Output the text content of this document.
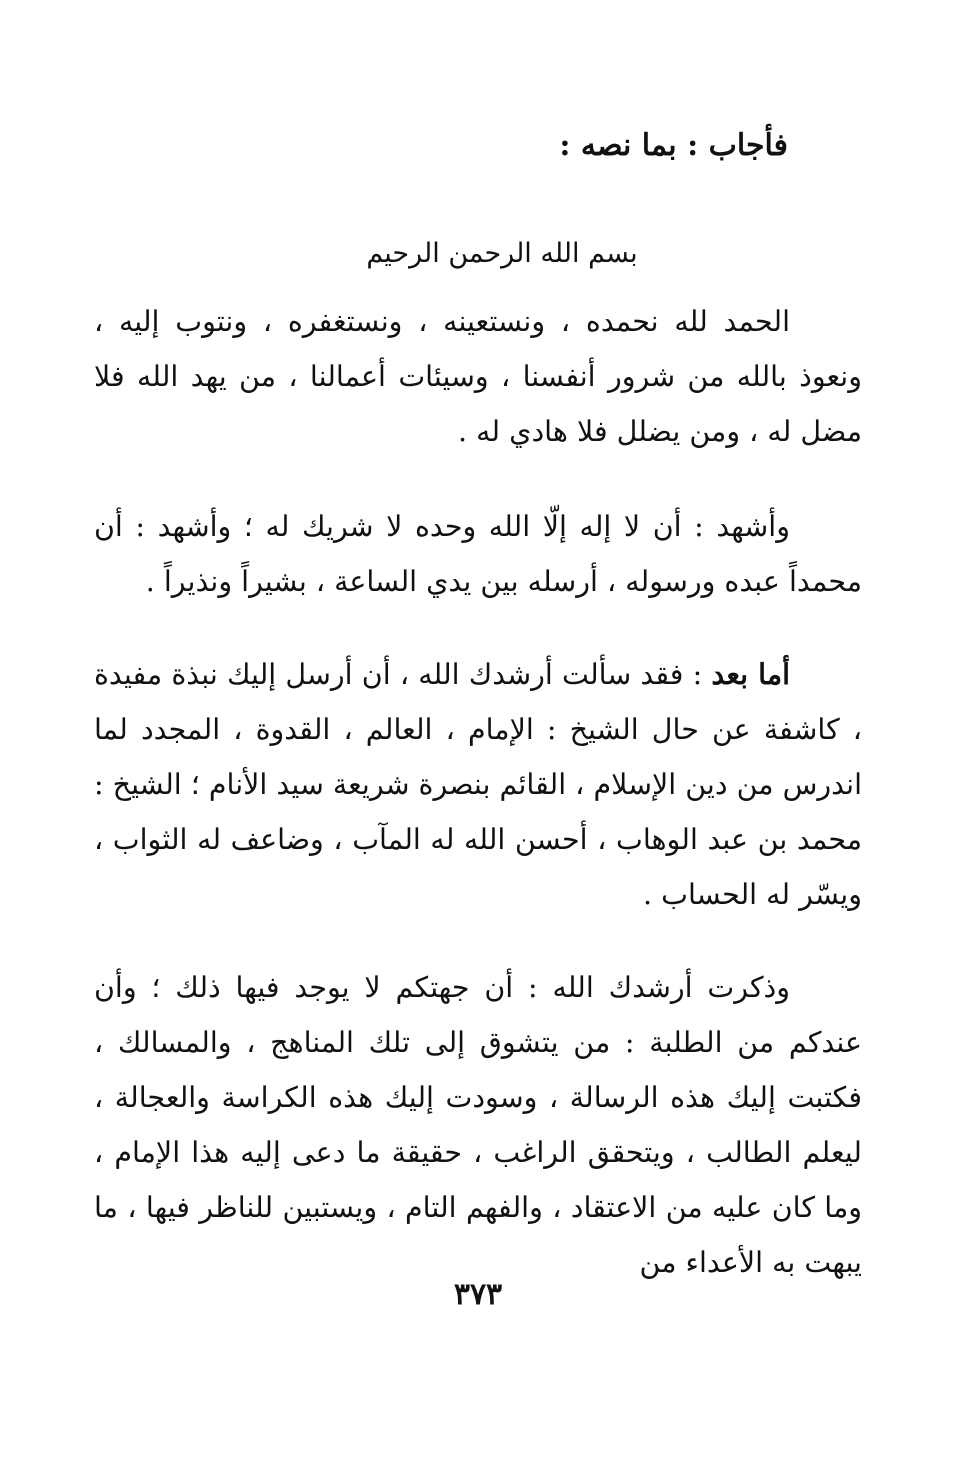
فأجاب : بما نصه :
بسم الله الرحمن الرحيم

الحمد لله نحمده ، ونستعينه ، ونستغفره ، ونتوب إليه ، ونعوذ بالله من شرور أنفسنا ، وسيئات أعمالنا ، من يهد الله فلا مضل له ، ومن يضلل فلا هادي له .

وأشهد : أن لا إله إلّا الله وحده لا شريك له ؛ وأشهد : أن محمداً عبده ورسوله ، أرسله بين يدي الساعة ، بشيراً ونذيراً .

أما بعد : فقد سألت أرشدك الله ، أن أرسل إليك نبذة مفيدة ، كاشفة عن حال الشيخ : الإمام ، العالم ، القدوة ، المجدد لما اندرس من دين الإسلام ، القائم بنصرة شريعة سيد الأنام ؛ الشيخ : محمد بن عبد الوهاب ، أحسن الله له المآب ، وضاعف له الثواب ، ويسّر له الحساب .

وذكرت أرشدك الله : أن جهتكم لا يوجد فيها ذلك ؛ وأن عندكم من الطلبة : من يتشوق إلى تلك المناهج ، والمسالك ، فكتبت إليك هذه الرسالة ، وسودت إليك هذه الكراسة والعجالة ، ليعلم الطالب ، ويتحقق الراغب ، حقيقة ما دعى إليه هذا الإمام ، وما كان عليه من الاعتقاد ، والفهم التام ، ويستبين للناظر فيها ، ما يبهت به الأعداء من

٣٧٣
